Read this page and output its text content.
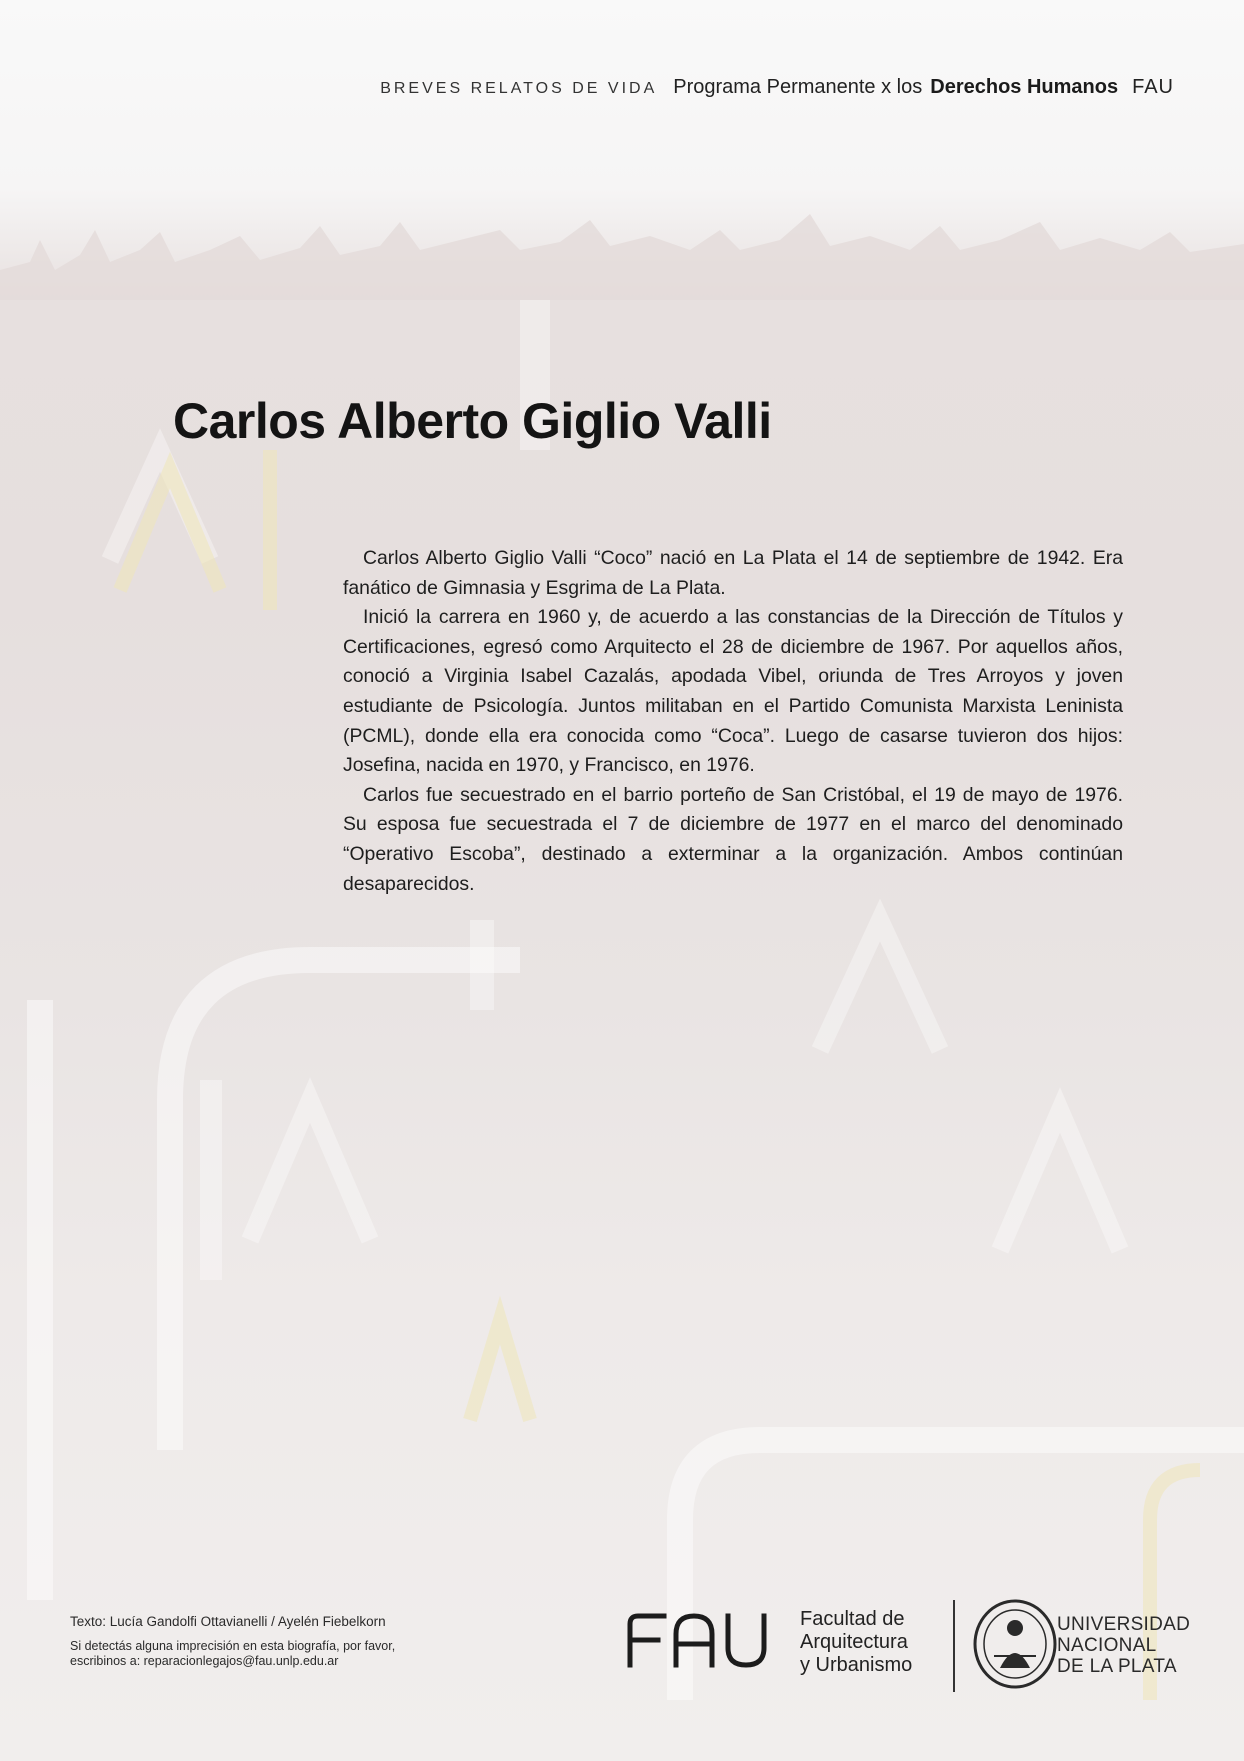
BREVES RELATOS DE VIDA Programa Permanente x los Derechos Humanos FAU
Carlos Alberto Giglio Valli

Carlos Alberto Giglio Valli “Coco” nació en La Plata el 14 de septiembre de 1942. Era fanático de Gimnasia y Esgrima de La Plata.

Inició la carrera en 1960 y, de acuerdo a las constancias de la Dirección de Títulos y Certificaciones, egresó como Arquitecto el 28 de diciembre de 1967. Por aquellos años, conoció a Virginia Isabel Cazalás, apodada Vibel, oriunda de Tres Arroyos y joven estudiante de Psicología. Juntos militaban en el Partido Comunista Marxista Leninista (PCML), donde ella era conocida como “Coca”. Luego de casarse tuvieron dos hijos: Josefina, nacida en 1970, y Francisco, en 1976.

Carlos fue secuestrado en el barrio porteño de San Cristóbal, el 19 de mayo de 1976. Su esposa fue secuestrada el 7 de diciembre de 1977 en el marco del denominado “Operativo Escoba”, destinado a exterminar a la organización. Ambos continúan desaparecidos.

Texto: Lucía Gandolfi Ottavianelli / Ayelén Fiebelkorn
Si detectás alguna imprecisión en esta biografía, por favor,
escribinos a: reparacionlegajos@fau.unlp.edu.ar
Facultad de
Arquitectura
y Urbanismo
UNIVERSIDAD
NACIONAL
DE LA PLATA
